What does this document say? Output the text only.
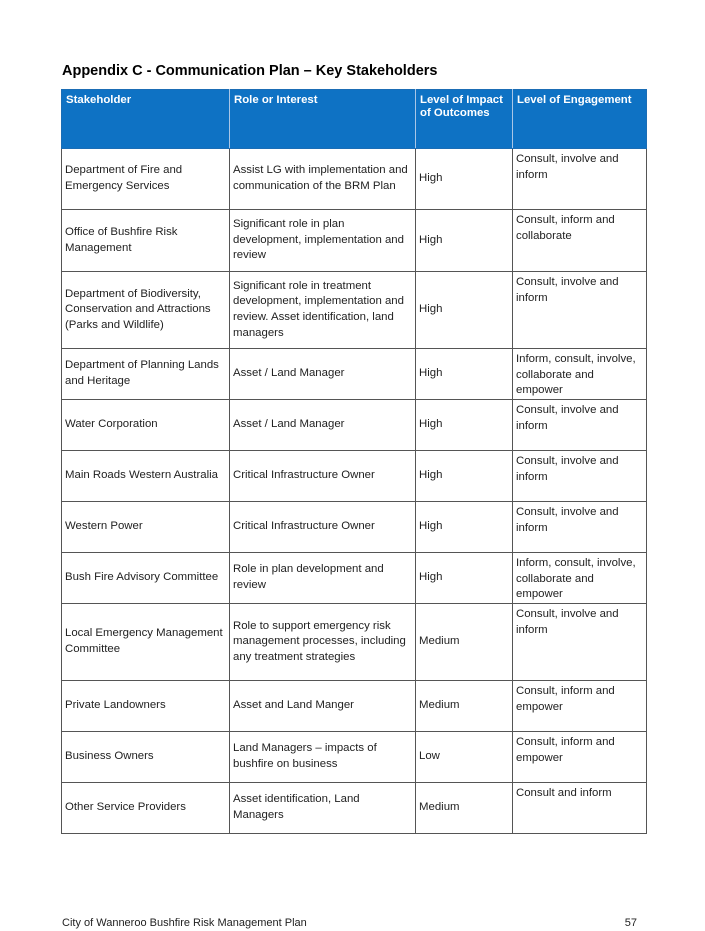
Appendix C - Communication Plan – Key Stakeholders
Stakeholder	Role or Interest	Level of Impact of Outcomes	Level of Engagement
Department of Fire and Emergency Services	Assist LG with implementation and communication of the BRM Plan	High	Consult, involve and inform
Office of Bushfire Risk Management	Significant role in plan development, implementation and review	High	Consult, inform and collaborate
Department of Biodiversity, Conservation and Attractions (Parks and Wildlife)	Significant role in treatment development, implementation and review. Asset identification, land managers	High	Consult, involve and inform
Department of Planning Lands and Heritage	Asset / Land Manager	High	Inform, consult, involve, collaborate and empower
Water Corporation	Asset / Land Manager	High	Consult, involve and inform
Main Roads Western Australia	Critical Infrastructure Owner	High	Consult, involve and inform
Western Power	Critical Infrastructure Owner	High	Consult, involve and inform
Bush Fire Advisory Committee	Role in plan development and review	High	Inform, consult, involve, collaborate and empower
Local Emergency Management Committee	Role to support emergency risk management processes, including any treatment strategies	Medium	Consult, involve and inform
Private Landowners	Asset and Land Manger	Medium	Consult, inform and empower
Business Owners	Land Managers – impacts of bushfire on business	Low	Consult, inform and empower
Other Service Providers	Asset identification, Land Managers	Medium	Consult and inform
City of Wanneroo Bushfire Risk Management Plan	57
